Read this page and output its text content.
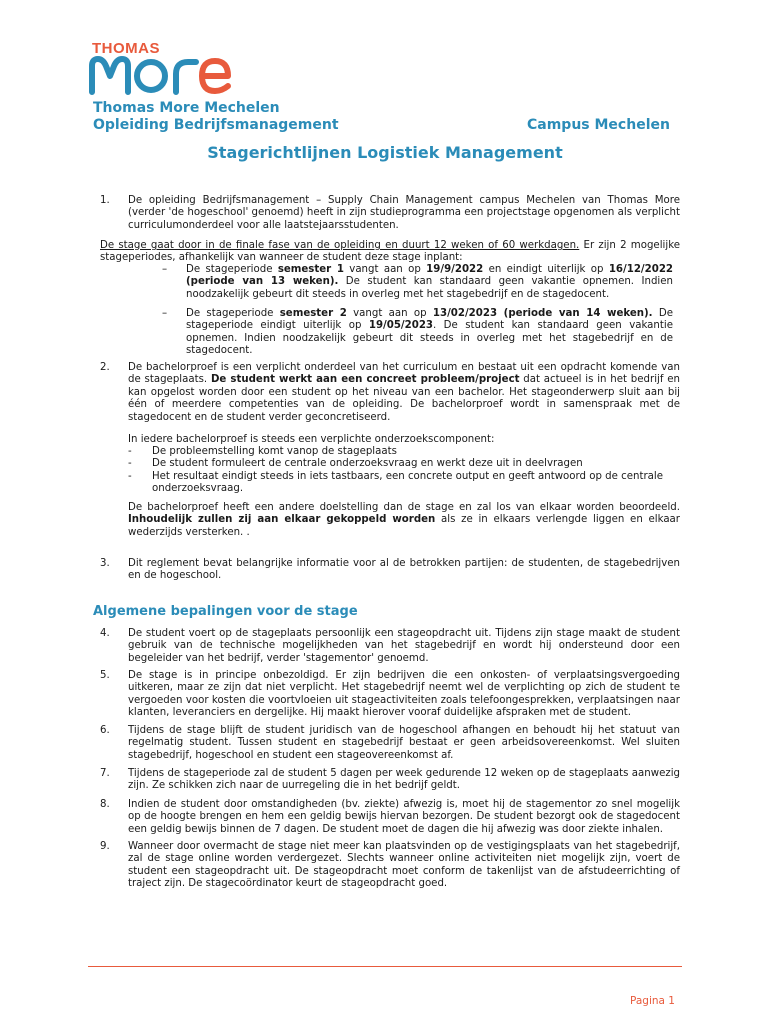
THOMAS
Thomas More Mechelen
Opleiding Bedrijfsmanagement	Campus Mechelen
Stagerichtlijnen Logistiek Management
1. De opleiding Bedrijfsmanagement – Supply Chain Management campus Mechelen van Thomas More (verder 'de hogeschool' genoemd) heeft in zijn studieprogramma een projectstage opgenomen als verplicht curriculumonderdeel voor alle laatstejaarsstudenten.
De stage gaat door in de finale fase van de opleiding en duurt 12 weken of 60 werkdagen. Er zijn 2 mogelijke stageperiodes, afhankelijk van wanneer de student deze stage inplant:
– De stageperiode semester 1 vangt aan op 19/9/2022 en eindigt uiterlijk op 16/12/2022 (periode van 13 weken). De student kan standaard geen vakantie opnemen. Indien noodzakelijk gebeurt dit steeds in overleg met het stagebedrijf en de stagedocent.
– De stageperiode semester 2 vangt aan op 13/02/2023 (periode van 14 weken). De stageperiode eindigt uiterlijk op 19/05/2023. De student kan standaard geen vakantie opnemen. Indien noodzakelijk gebeurt dit steeds in overleg met het stagebedrijf en de stagedocent.
2. De bachelorproef is een verplicht onderdeel van het curriculum en bestaat uit een opdracht komende van de stageplaats. De student werkt aan een concreet probleem/project dat actueel is in het bedrijf en kan opgelost worden door een student op het niveau van een bachelor. Het stageonderwerp sluit aan bij één of meerdere competenties van de opleiding. De bachelorproef wordt in samenspraak met de stagedocent en de student verder geconcretiseerd.
In iedere bachelorproef is steeds een verplichte onderzoekscomponent:
- De probleemstelling komt vanop de stageplaats
- De student formuleert de centrale onderzoeksvraag en werkt deze uit in deelvragen
- Het resultaat eindigt steeds in iets tastbaars, een concrete output en geeft antwoord op de centrale onderzoeksvraag.
De bachelorproef heeft een andere doelstelling dan de stage en zal los van elkaar worden beoordeeld. Inhoudelijk zullen zij aan elkaar gekoppeld worden als ze in elkaars verlengde liggen en elkaar wederzijds versterken. .
3. Dit reglement bevat belangrijke informatie voor al de betrokken partijen: de studenten, de stagebedrijven en de hogeschool.
Algemene bepalingen voor de stage
4. De student voert op de stageplaats persoonlijk een stageopdracht uit. Tijdens zijn stage maakt de student gebruik van de technische mogelijkheden van het stagebedrijf en wordt hij ondersteund door een begeleider van het bedrijf, verder 'stagementor' genoemd.
5. De stage is in principe onbezoldigd. Er zijn bedrijven die een onkosten- of verplaatsingsvergoeding uitkeren, maar ze zijn dat niet verplicht. Het stagebedrijf neemt wel de verplichting op zich de student te vergoeden voor kosten die voortvloeien uit stageactiviteiten zoals telefoongesprekken, verplaatsingen naar klanten, leveranciers en dergelijke. Hij maakt hierover vooraf duidelijke afspraken met de student.
6. Tijdens de stage blijft de student juridisch van de hogeschool afhangen en behoudt hij het statuut van regelmatig student. Tussen student en stagebedrijf bestaat er geen arbeidsovereenkomst. Wel sluiten stagebedrijf, hogeschool en student een stageovereenkomst af.
7. Tijdens de stageperiode zal de student 5 dagen per week gedurende 12 weken op de stageplaats aanwezig zijn. Ze schikken zich naar de uurregeling die in het bedrijf geldt.
8. Indien de student door omstandigheden (bv. ziekte) afwezig is, moet hij de stagementor zo snel mogelijk op de hoogte brengen en hem een geldig bewijs hiervan bezorgen. De student bezorgt ook de stagedocent een geldig bewijs binnen de 7 dagen. De student moet de dagen die hij afwezig was door ziekte inhalen.
9. Wanneer door overmacht de stage niet meer kan plaatsvinden op de vestigingsplaats van het stagebedrijf, zal de stage online worden verdergezet. Slechts wanneer online activiteiten niet mogelijk zijn, voert de student een stageopdracht uit. De stageopdracht moet conform de takenlijst van de afstudeerrichting of traject zijn. De stagecoördinator keurt de stageopdracht goed.
Pagina 1
